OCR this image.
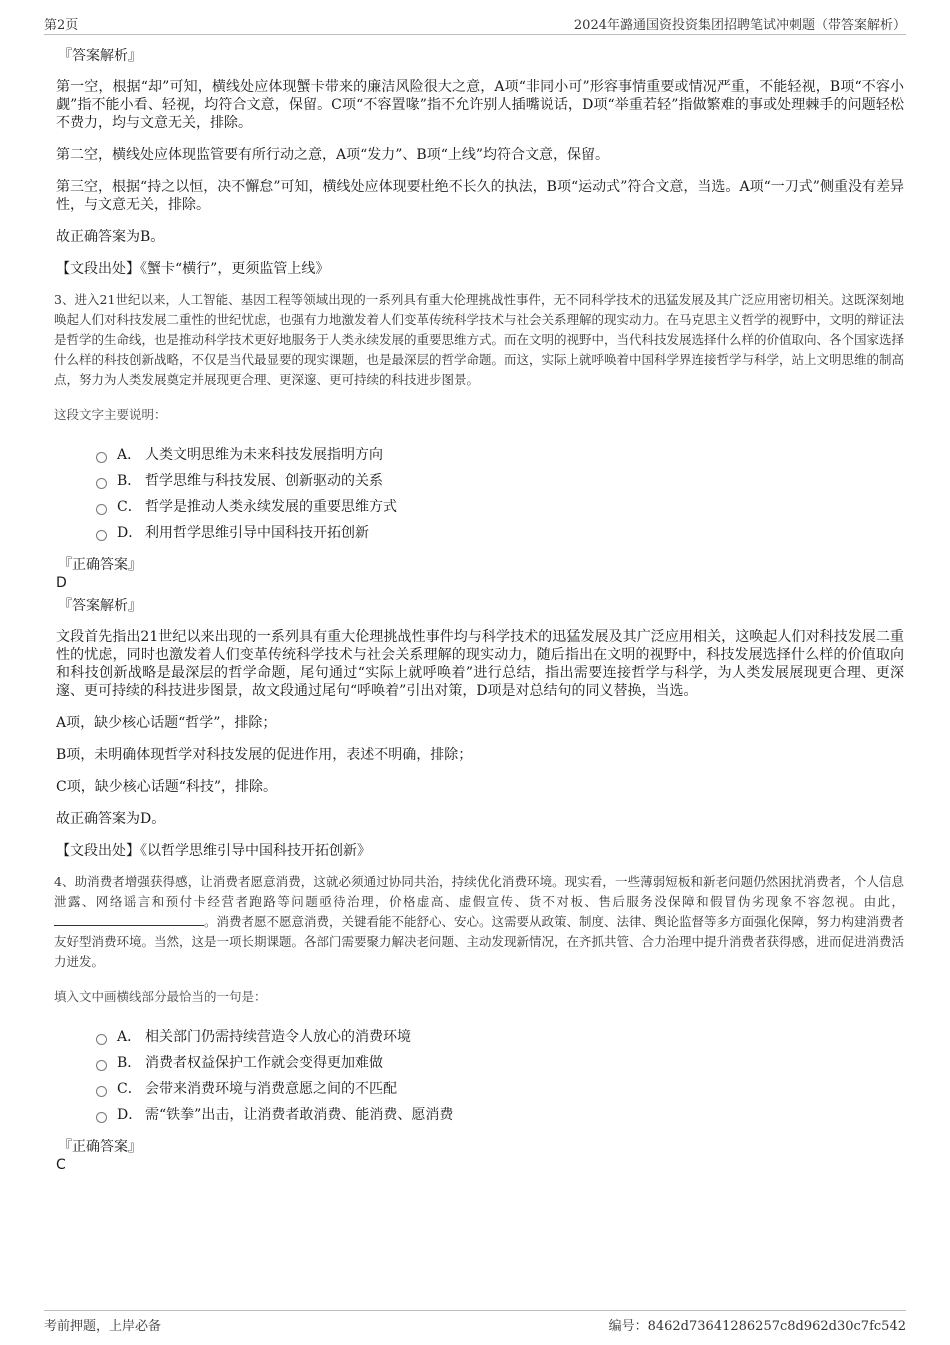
第2页	2024年潞通国资投资集团招聘笔试冲刺题（带答案解析）
『答案解析』

第一空，根据“却”可知，横线处应体现蟹卡带来的廉洁风险很大之意，A项“非同小可”形容事情重要或情况严重，不能轻视，B项“不容小觑”指不能小看、轻视，均符合文意，保留。C项“不容置喙”指不允许别人插嘴说话，D项“举重若轻”指做繁难的事或处理棘手的问题轻松不费力，均与文意无关，排除。

第二空，横线处应体现监管要有所行动之意，A项“发力”、B项“上线”均符合文意，保留。

第三空，根据“持之以恒，决不懈怠”可知，横线处应体现要杜绝不长久的执法，B项“运动式”符合文意，当选。A项“一刀式”侧重没有差异性，与文意无关，排除。

故正确答案为B。

【文段出处】《蟹卡“横行”，更须监管上线》

3、进入21世纪以来，人工智能、基因工程等领域出现的一系列具有重大伦理挑战性事件，无不同科学技术的迅猛发展及其广泛应用密切相关。这既深刻地唤起人们对科技发展二重性的世纪忧虑，也强有力地激发着人们变革传统科学技术与社会关系理解的现实动力。在马克思主义哲学的视野中，文明的辩证法是哲学的生命线，也是推动科学技术更好地服务于人类永续发展的重要思维方式。而在文明的视野中，当代科技发展选择什么样的价值取向、各个国家选择什么样的科技创新战略，不仅是当代最显要的现实课题，也是最深层的哲学命题。而这，实际上就呼唤着中国科学界连接哲学与科学，站上文明思维的制高点，努力为人类发展奠定并展现更合理、更深邃、更可持续的科技进步图景。

这段文字主要说明：

A． 人类文明思维为未来科技发展指明方向
B． 哲学思维与科技发展、创新驱动的关系
C． 哲学是推动人类永续发展的重要思维方式
D． 利用哲学思维引导中国科技开拓创新
『正确答案』
D
『答案解析』

文段首先指出21世纪以来出现的一系列具有重大伦理挑战性事件均与科学技术的迅猛发展及其广泛应用相关，这唤起人们对科技发展二重性的忧虑，同时也激发着人们变革传统科学技术与社会关系理解的现实动力，随后指出在文明的视野中，科技发展选择什么样的价值取向和科技创新战略是最深层的哲学命题，尾句通过“实际上就呼唤着”进行总结，指出需要连接哲学与科学，为人类发展展现更合理、更深邃、更可持续的科技进步图景，故文段通过尾句“呼唤着”引出对策，D项是对总结句的同义替换，当选。

A项，缺少核心话题“哲学”，排除；

B项，未明确体现哲学对科技发展的促进作用，表述不明确，排除；

C项，缺少核心话题“科技”，排除。

故正确答案为D。

【文段出处】《以哲学思维引导中国科技开拓创新》

4、助消费者增强获得感，让消费者愿意消费，这就必须通过协同共治，持续优化消费环境。现实看，一些薄弱短板和新老问题仍然困扰消费者，个人信息泄露、网络谣言和预付卡经营者跑路等问题亟待治理，价格虚高、虚假宣传、货不对板、售后服务没保障和假冒伪劣现象不容忽视。由此，。消费者愿不愿意消费，关键看能不能舒心、安心。这需要从政策、制度、法律、舆论监督等多方面强化保障，努力构建消费者友好型消费环境。当然，这是一项长期课题。各部门需要聚力解决老问题、主动发现新情况，在齐抓共管、合力治理中提升消费者获得感，进而促进消费活力迸发。

填入文中画横线部分最恰当的一句是：

A． 相关部门仍需持续营造令人放心的消费环境
B． 消费者权益保护工作就会变得更加难做
C． 会带来消费环境与消费意愿之间的不匹配
D． 需“铁拳”出击，让消费者敢消费、能消费、愿消费
『正确答案』
C
考前押题，上岸必备	编号：8462d73641286257c8d962d30c7fc542
